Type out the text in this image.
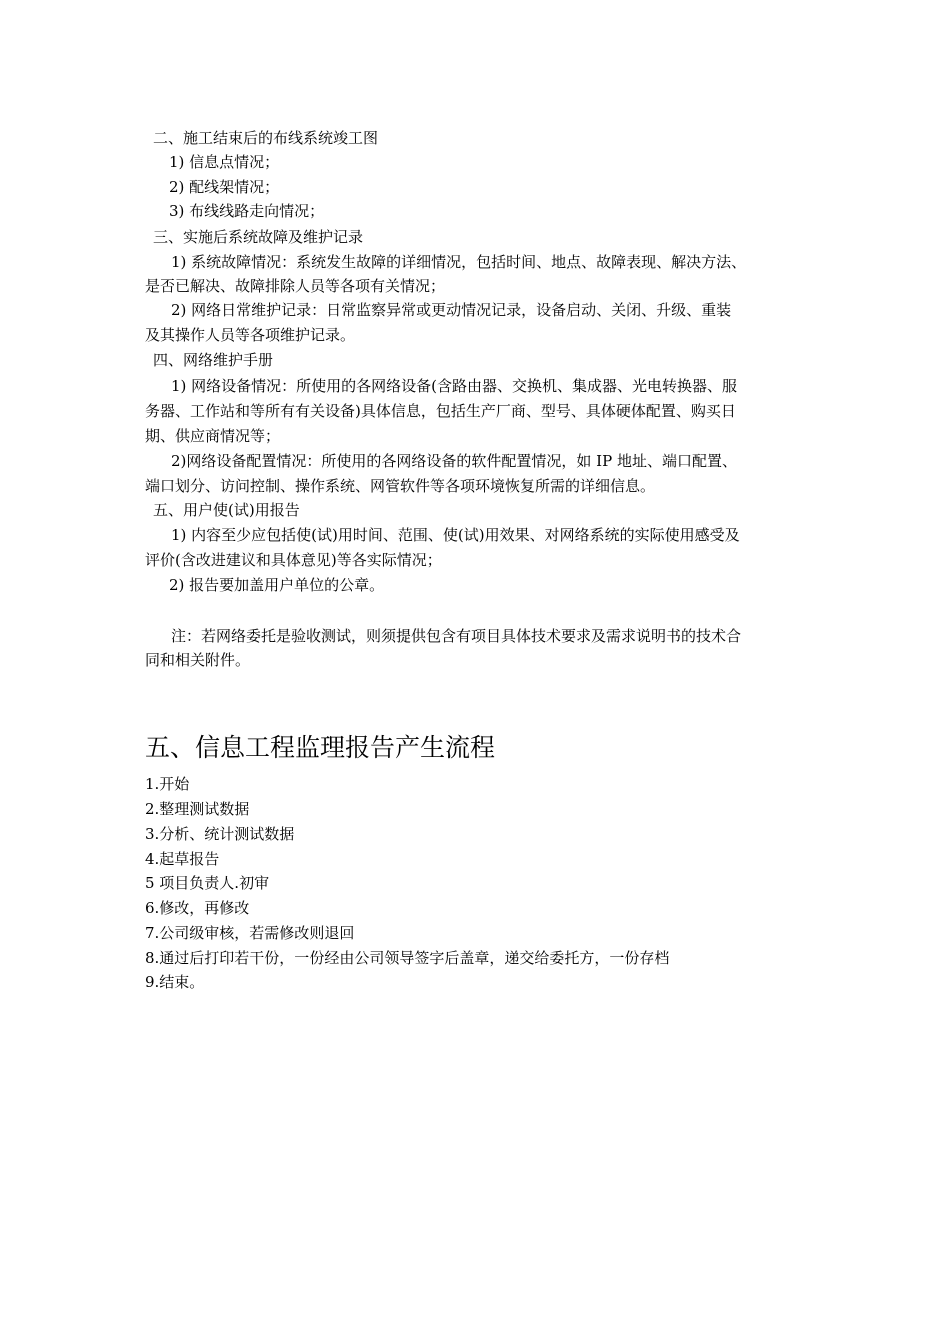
二、施工结束后的布线系统竣工图
1) 信息点情况；
2) 配线架情况；
3) 布线线路走向情况；
三、实施后系统故障及维护记录
1) 系统故障情况：系统发生故障的详细情况，包括时间、地点、故障表现、解决方法、
是否已解决、故障排除人员等各项有关情况；
2) 网络日常维护记录：日常监察异常或更动情况记录，设备启动、关闭、升级、重装
及其操作人员等各项维护记录。
四、网络维护手册
1) 网络设备情况：所使用的各网络设备(含路由器、交换机、集成器、光电转换器、服
务器、工作站和等所有有关设备)具体信息，包括生产厂商、型号、具体硬体配置、购买日
期、供应商情况等；
2)网络设备配置情况：所使用的各网络设备的软件配置情况，如 IP 地址、端口配置、
端口划分、访问控制、操作系统、网管软件等各项环境恢复所需的详细信息。
五、用户使(试)用报告
1) 内容至少应包括使(试)用时间、范围、使(试)用效果、对网络系统的实际使用感受及
评价(含改进建议和具体意见)等各实际情况；
2) 报告要加盖用户单位的公章。
注：若网络委托是验收测试，则须提供包含有项目具体技术要求及需求说明书的技术合
同和相关附件。
五、信息工程监理报告产生流程
1.开始
2.整理测试数据
3.分析、统计测试数据
4.起草报告
5 项目负责人.初审
6.修改，再修改
7.公司级审核，若需修改则退回
8.通过后打印若干份，一份经由公司领导签字后盖章，递交给委托方，一份存档
9.结束。
